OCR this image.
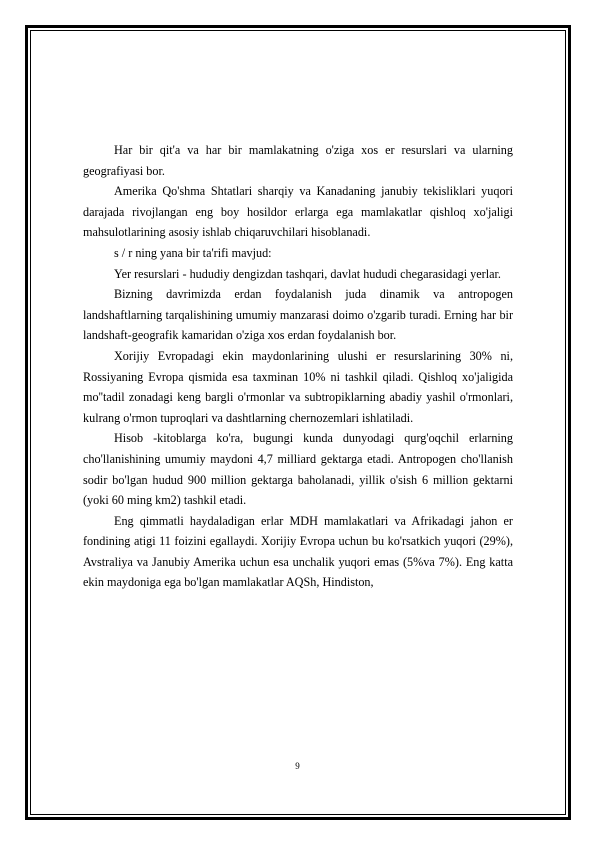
Har bir qit'a va har bir mamlakatning o'ziga xos er resurslari va ularning geografiyasi bor.

Amerika Qo'shma Shtatlari sharqiy va Kanadaning janubiy tekisliklari yuqori darajada rivojlangan eng boy hosildor erlarga ega mamlakatlar qishloq xo'jaligi mahsulotlarining asosiy ishlab chiqaruvchilari hisoblanadi.

s / r ning yana bir ta'rifi mavjud:

Yer resurslari - hududiy dengizdan tashqari, davlat hududi chegarasidagi yerlar.

Bizning davrimizda erdan foydalanish juda dinamik va antropogen landshaftlarning tarqalishining umumiy manzarasi doimo o'zgarib turadi. Erning har bir landshaft-geografik kamaridan o'ziga xos erdan foydalanish bor.

Xorijiy Evropadagi ekin maydonlarining ulushi er resurslarining 30% ni, Rossiyaning Evropa qismida esa taxminan 10% ni tashkil qiladi. Qishloq xo'jaligida mo''tadil zonadagi keng bargli o'rmonlar va subtropiklarning abadiy yashil o'rmonlari, kulrang o'rmon tuproqlari va dashtlarning chernozemlari ishlatiladi.

Hisob -kitoblarga ko'ra, bugungi kunda dunyodagi qurg'oqchil erlarning cho'llanishining umumiy maydoni 4,7 milliard gektarga etadi. Antropogen cho'llanish sodir bo'lgan hudud 900 million gektarga baholanadi, yillik o'sish 6 million gektarni (yoki 60 ming km2) tashkil etadi.

Eng qimmatli haydaladigan erlar MDH mamlakatlari va Afrikadagi jahon er fondining atigi 11 foizini egallaydi. Xorijiy Evropa uchun bu ko'rsatkich yuqori (29%), Avstraliya va Janubiy Amerika uchun esa unchalik yuqori emas (5%va 7%). Eng katta ekin maydoniga ega bo'lgan mamlakatlar AQSh, Hindiston,

9
